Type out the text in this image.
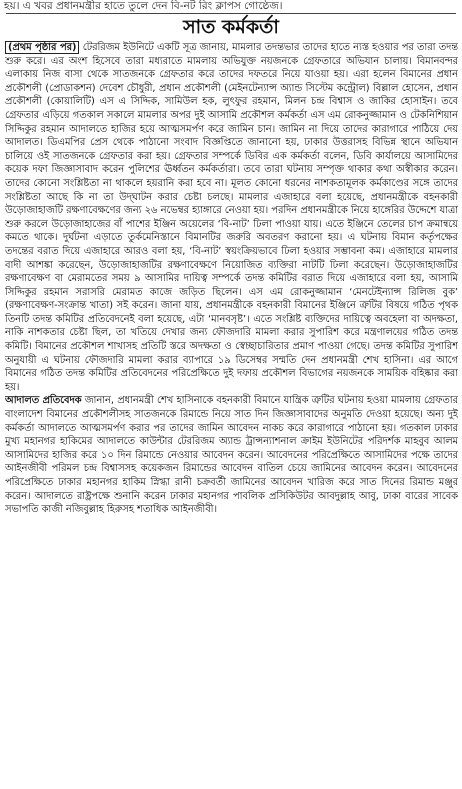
হয়। এ খবর প্রধানমন্ত্রীর হাতে তুলে দেন বি-নট রিং ক্লাপস গোষ্ঠেজ।
সাত কর্মকর্তা

(প্রথম পৃষ্ঠার পর) টেররিজম ইউনিটে একটি সূত্র জানায়, মামলার তদন্তভার তাদের হাতে ন্যস্ত হওয়ার পর তারা তদন্ত শুরু করে। এর অংশ হিসেবে তারা মধ্যরাতে মামলায় অভিযুক্ত নয়জনকে গ্রেফতারে অভিযান চালায়। বিমানবন্দর এলাকায় নিজ বাসা থেকে সাতজনকে গ্রেফতার করে তাদের দফতরে নিয়ে যাওয়া হয়। এরা হলেন বিমানের প্রধান প্রকৌশলী (প্রোডাকশন) দেবেশ চৌধুরী, প্রধান প্রকৌশলী (মেইনটেন্যান্স অ্যান্ড সিস্টেম কন্ট্রোল) বিল্লাল হোসেন, প্রধান প্রকৌশলী (কোয়ালিটি) এস এ সিদ্দিক, সামিউল হক, লুৎফুর রহমান, মিলন চন্দ্র বিশ্বাস ও জাকির হোসাইন। তবে গ্রেফতার এড়িয়ে গতকাল সকালে মামলার অপর দুই আসামি প্রকৌশল কর্মকর্তা এস এম রোকনুজ্জামান ও টেকনিশিয়ান সিদ্দিকুর রহমান আদালতে হাজির হয়ে আত্মসমর্পণ করে জামিন চান। জামিন না দিয়ে তাদের কারাগারে পাঠিয়ে দেয় আদালত। ডিএমপির প্রেস থেকে পাঠানো সংবাদ বিজ্ঞপ্তিতে জানানো হয়, ঢাকার উত্তরাসহ বিভিন্ন স্থানে অভিযান চালিয়ে ওই সাতজনকে গ্রেফতার করা হয়। গ্রেফতার সম্পর্কে ডিবির এক কর্মকর্তা বলেন, ডিবি কার্যালয়ে আসামিদের কয়েক দফা জিজ্ঞাসাবাদ করেন পুলিশের ঊর্ধ্বতন কর্মকর্তারা। তবে তারা ঘটনায় সম্পৃক্ত থাকার কথা অস্বীকার করেন। তাদের কোনো সংশ্লিষ্টতা না থাকলে হয়রানি করা হবে না। মূলত কোনো ধরনের নাশকতামূলক কর্মকাণ্ডের সঙ্গে তাদের সংশ্লিষ্টতা আছে কি না তা উদ্‌ঘাটন করার চেষ্টা চলছে। মামলার এজাহারে বলা হয়েছে, প্রধানমন্ত্রীকে বহনকারী উড়োজাহাজটি রক্ষণাবেক্ষণের জন্য ২৬ নভেম্বর হ্যাঙ্গারে নেওয়া হয়। পরদিন প্রধানমন্ত্রীকে নিয়ে হাঙ্গেরির উদ্দেশে যাত্রা শুরু করলে উড়োজাহাজের বাঁ পাশের ইঞ্জিন অয়েলের ‘বি-নাট’ ঢিলা পাওয়া যায়। এতে ইঞ্জিনে তেলের চাপ ক্রমান্বয়ে কমতে থাকে। দুর্ঘটনা এড়াতে তুর্কমেনিস্তানে বিমানটির জরুরি অবতরণ করানো হয়। এ ঘটনায় বিমান কর্তৃপক্ষের তদন্তের বরাত দিয়ে এজাহারে আরও বলা হয়, ‘বি-নাট’ স্বয়ংক্রিয়ভাবে ঢিলা হওয়ার সম্ভাবনা কম। এজাহারে মামলার বাদী আশঙ্কা করেছেন, উড়োজাহাজটির রক্ষণাবেক্ষণে নিয়োজিত ব্যক্তিরা নাটটি ঢিলা করেছেন। উড়োজাহাজটির রক্ষণাবেক্ষণ বা মেরামতের সময় ৯ আসামির দায়িত্ব সম্পর্কে তদন্ত কমিটির বরাত দিয়ে এজাহারে বলা হয়, আসামি সিদ্দিকুর রহমান সরাসরি মেরামত কাজে জড়িত ছিলেন। এস এম রোকনুজ্জামান ‘মেনটেইন্যান্স রিলিজ বুক’ (রক্ষণাবেক্ষণ-সংক্রান্ত খাতা) সই করেন। জানা যায়, প্রধানমন্ত্রীকে বহনকারী বিমানের ইঞ্জিনে ত্রুটির বিষয়ে গঠিত পৃথক তিনটি তদন্ত কমিটির প্রতিবেদনেই বলা হয়েছে, এটা ‘মানবসৃষ্ট’। এতে সংশ্লিষ্ট ব্যক্তিদের দায়িত্বে অবহেলা বা অদক্ষতা, নাকি নাশকতার চেষ্টা ছিল, তা খতিয়ে দেখার জন্য ফৌজদারি মামলা করার সুপারিশ করে মন্ত্রণালয়ের গঠিত তদন্ত কমিটি। বিমানের প্রকৌশল শাখাসহ প্রতিটি স্তরে অদক্ষতা ও স্বেচ্ছাচারিতার প্রমাণ পাওয়া গেছে। তদন্ত কমিটির সুপারিশ অনুযায়ী এ ঘটনায় ফৌজদারি মামলা করার ব্যাপারে ১৯ ডিসেম্বর সম্মতি দেন প্রধানমন্ত্রী শেখ হাসিনা। এর আগে বিমানের গঠিত তদন্ত কমিটির প্রতিবেদনের পরিপ্রেক্ষিতে দুই দফায় প্রকৌশল বিভাগের নয়জনকে সাময়িক বহিষ্কার করা হয়।

আদালত প্রতিবেদক জানান, প্রধানমন্ত্রী শেখ হাসিনাকে বহনকারী বিমানে যান্ত্রিক ত্রুটির ঘটনায় হওয়া মামলায় গ্রেফতার বাংলাদেশ বিমানের প্রকৌশলীসহ সাতজনকে রিমান্ডে নিয়ে সাত দিন জিজ্ঞাসাবাদের অনুমতি দেওয়া হয়েছে। অন্য দুই কর্মকর্তা আদালতে আত্মসমর্পণ করার পর তাদের জামিন আবেদন নাকচ করে কারাগারে পাঠানো হয়। গতকাল ঢাকার মুখ্য মহানগর হাকিমের আদালতে কাউন্টার টেররিজম অ্যান্ড ট্রান্সন্যাশনাল ক্রাইম ইউনিটের পরিদর্শক মাহবুব আলম আসামিদের হাজির করে ১০ দিন রিমান্ডে নেওয়ার আবেদন করেন। আবেদনের পরিপ্রেক্ষিতে আসামিদের পক্ষে তাদের আইনজীবী পরিমল চন্দ্র বিশ্বাসসহ কয়েকজন রিমান্ডের আবেদন বাতিল চেয়ে জামিনের আবেদন করেন। আবেদনের পরিপ্রেক্ষিতে ঢাকার মহানগর হাকিম স্নিগ্ধা রানী চক্রবর্তী জামিনের আবেদন খারিজ করে সাত দিনের রিমান্ড মঞ্জুর করেন। আদালতে রাষ্ট্রপক্ষে শুনানি করেন ঢাকার মহানগর পাবলিক প্রসিকিউটর আবদুল্লাহ আবু, ঢাকা বারের সাবেক সভাপতি কাজী নজিবুল্লাহ হিরুসহ শতাধিক আইনজীবী।
